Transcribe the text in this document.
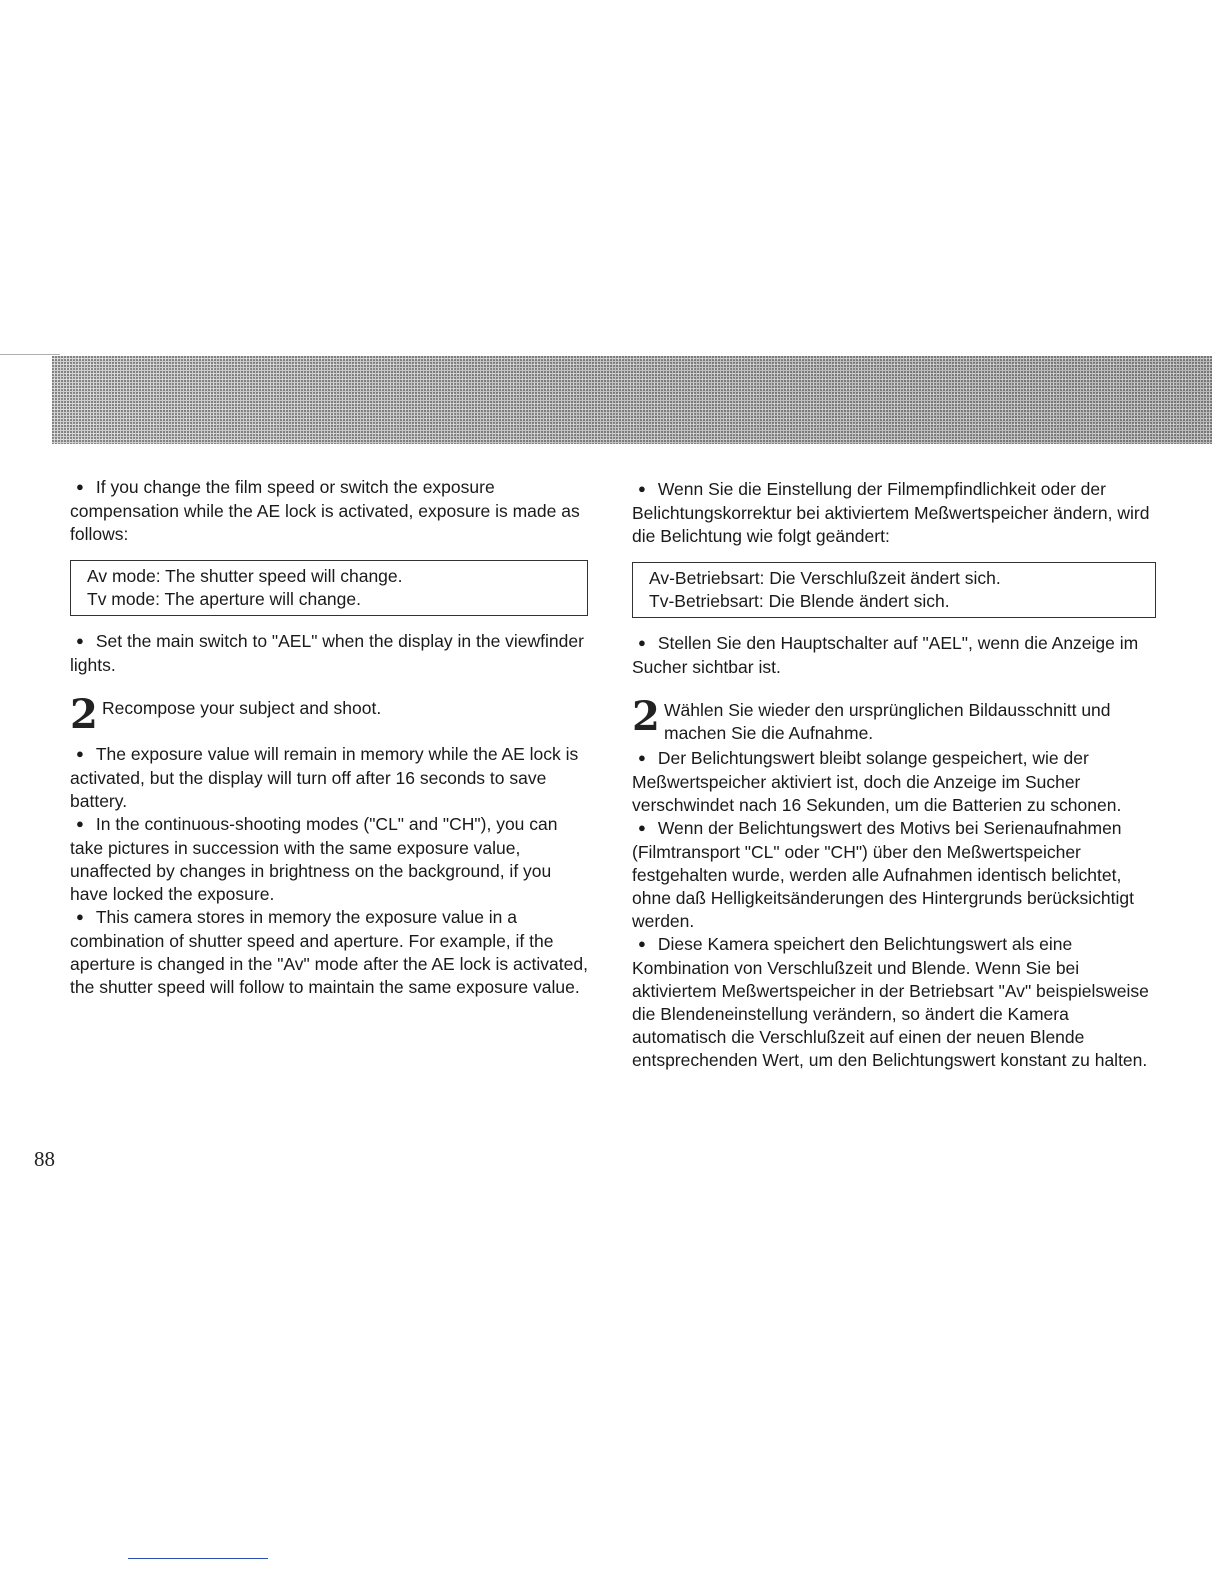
● If you change the film speed or switch the exposure compensation while the AE lock is activated, exposure is made as follows:

Av mode: The shutter speed will change.
Tv mode: The aperture will change.

● Set the main switch to "AEL" when the display in the viewfinder lights.

2 Recompose your subject and shoot.

● The exposure value will remain in memory while the AE lock is activated, but the display will turn off after 16 seconds to save battery.

● In the continuous-shooting modes ("CL" and "CH"), you can take pictures in succession with the same exposure value, unaffected by changes in brightness on the background, if you have locked the exposure.

● This camera stores in memory the exposure value in a combination of shutter speed and aperture. For example, if the aperture is changed in the "Av" mode after the AE lock is activated, the shutter speed will follow to maintain the same exposure value.

● Wenn Sie die Einstellung der Filmempfindlichkeit oder der Belichtungskorrektur bei aktiviertem Meßwertspeicher ändern, wird die Belichtung wie folgt geändert:

Av-Betriebsart: Die Verschlußzeit ändert sich.
Tv-Betriebsart: Die Blende ändert sich.

● Stellen Sie den Hauptschalter auf "AEL", wenn die Anzeige im Sucher sichtbar ist.

2 Wählen Sie wieder den ursprünglichen Bildausschnitt und machen Sie die Aufnahme.

● Der Belichtungswert bleibt solange gespeichert, wie der Meßwertspeicher aktiviert ist, doch die Anzeige im Sucher verschwindet nach 16 Sekunden, um die Batterien zu schonen.

● Wenn der Belichtungswert des Motivs bei Serienaufnahmen (Filmtransport "CL" oder "CH") über den Meßwertspeicher festgehalten wurde, werden alle Aufnahmen identisch belichtet, ohne daß Helligkeitsänderungen des Hintergrunds berücksichtigt werden.

● Diese Kamera speichert den Belichtungswert als eine Kombination von Verschlußzeit und Blende. Wenn Sie bei aktiviertem Meßwertspeicher in der Betriebsart "Av" beispielsweise die Blendeneinstellung verändern, so ändert die Kamera automatisch die Verschlußzeit auf einen der neuen Blende entsprechenden Wert, um den Belichtungswert konstant zu halten.

88
